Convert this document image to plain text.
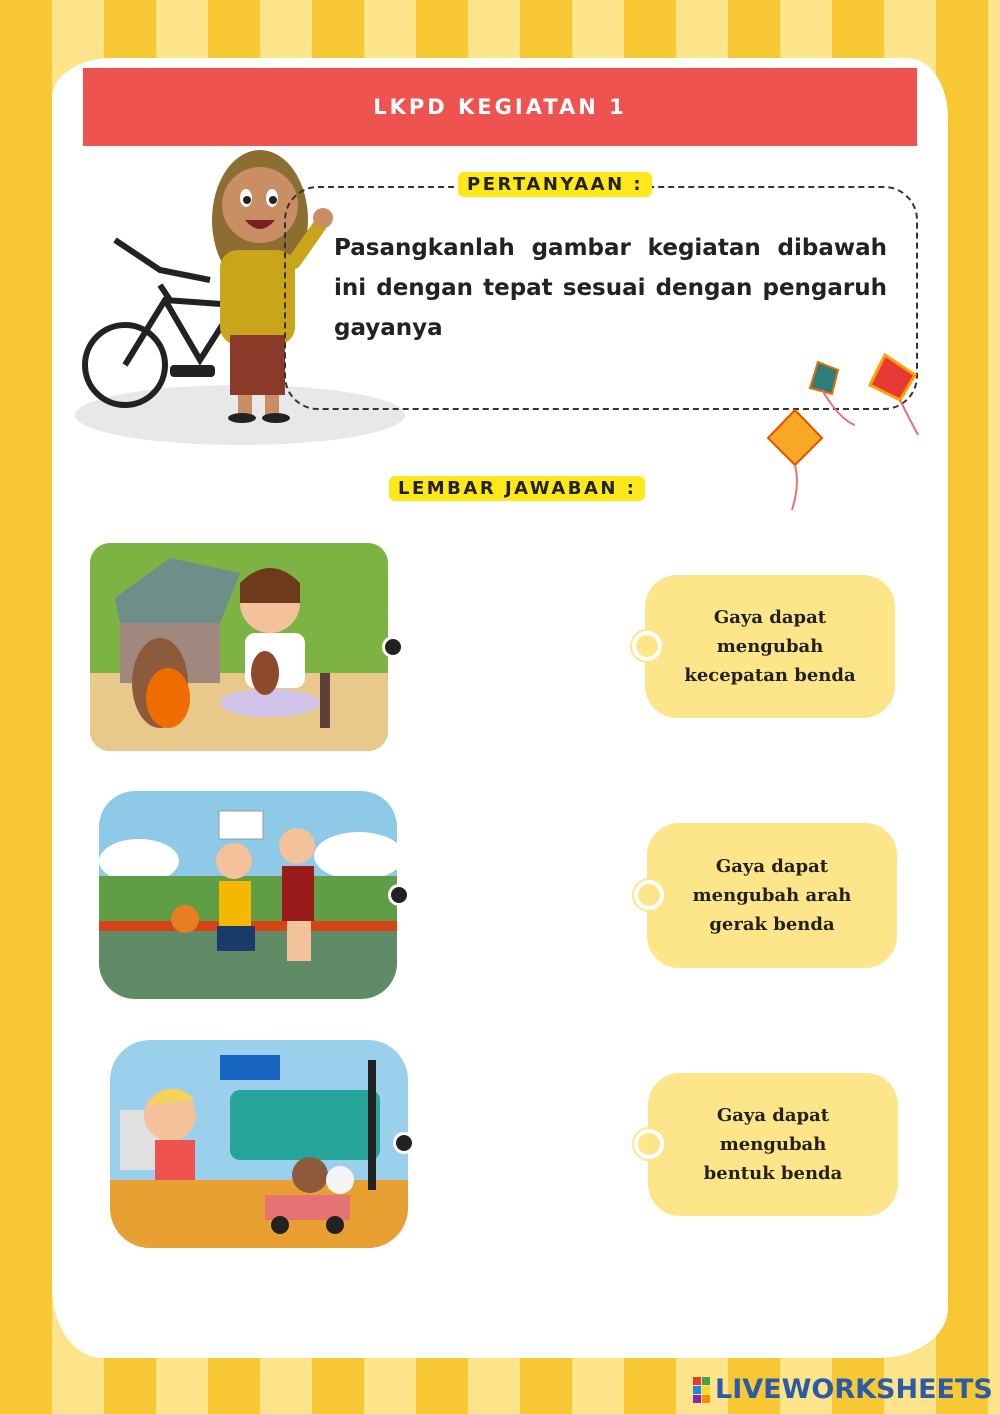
LKPD KEGIATAN 1
PERTANYAAN :
Pasangkanlah gambar kegiatan dibawah ini dengan tepat sesuai dengan pengaruh gayanya
LEMBAR JAWABAN :
Gaya dapat mengubah kecepatan benda
Gaya dapat mengubah arah gerak benda
Gaya dapat mengubah bentuk benda
LIVEWORKSHEETS
